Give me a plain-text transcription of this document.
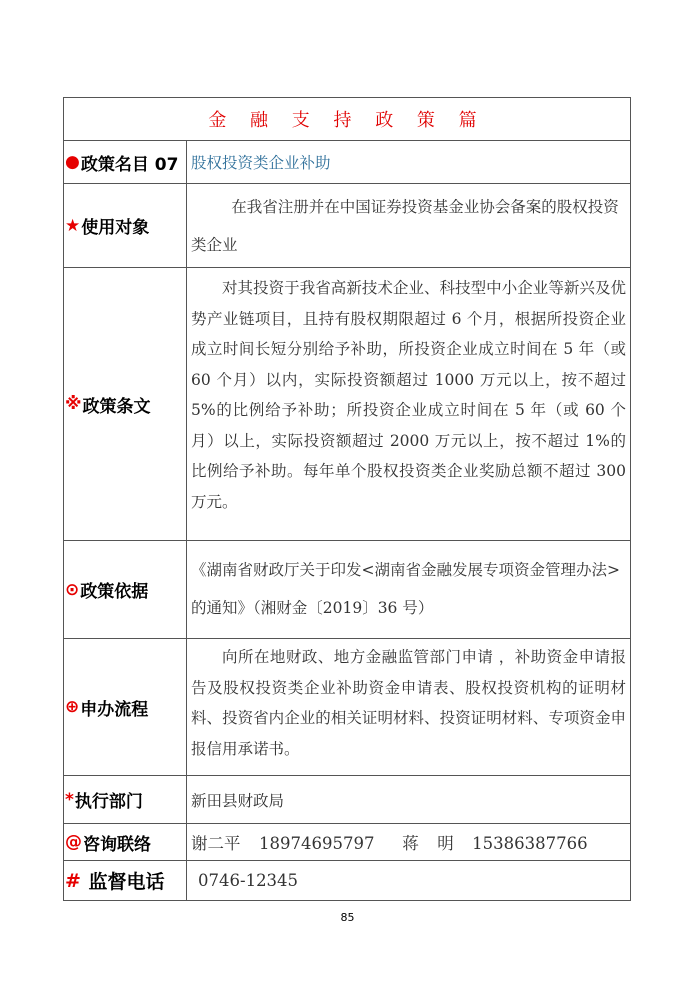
金 融 支 持 政 策 篇
● 政策名目 07 股权投资类企业补助
★ 使用对象
在我省注册并在中国证券投资基金业协会备案的股权投资类企业
※ 政策条文
对其投资于我省高新技术企业、科技型中小企业等新兴及优势产业链项目，且持有股权期限超过 6 个月，根据所投资企业成立时间长短分别给予补助，所投资企业成立时间在 5 年（或 60 个月）以内，实际投资额超过 1000 万元以上，按不超过 5%的比例给予补助；所投资企业成立时间在 5 年（或 60 个月）以上，实际投资额超过 2000 万元以上，按不超过 1%的比例给予补助。每年单个股权投资类企业奖励总额不超过 300 万元。
⊙ 政策依据
《湖南省财政厅关于印发<湖南省金融发展专项资金管理办法>的通知》（湘财金〔2019〕36 号）
⊕ 申办流程
向所在地财政、地方金融监管部门申请 ，补助资金申请报告及股权投资类企业补助资金申请表、股权投资机构的证明材料、投资省内企业的相关证明材料、投资证明材料、专项资金申报信用承诺书。
* 执行部门	新田县财政局
@ 咨询联络 谢二平  18974695797   蒋  明  15386387766
# 监督电话	0746-12345
85
